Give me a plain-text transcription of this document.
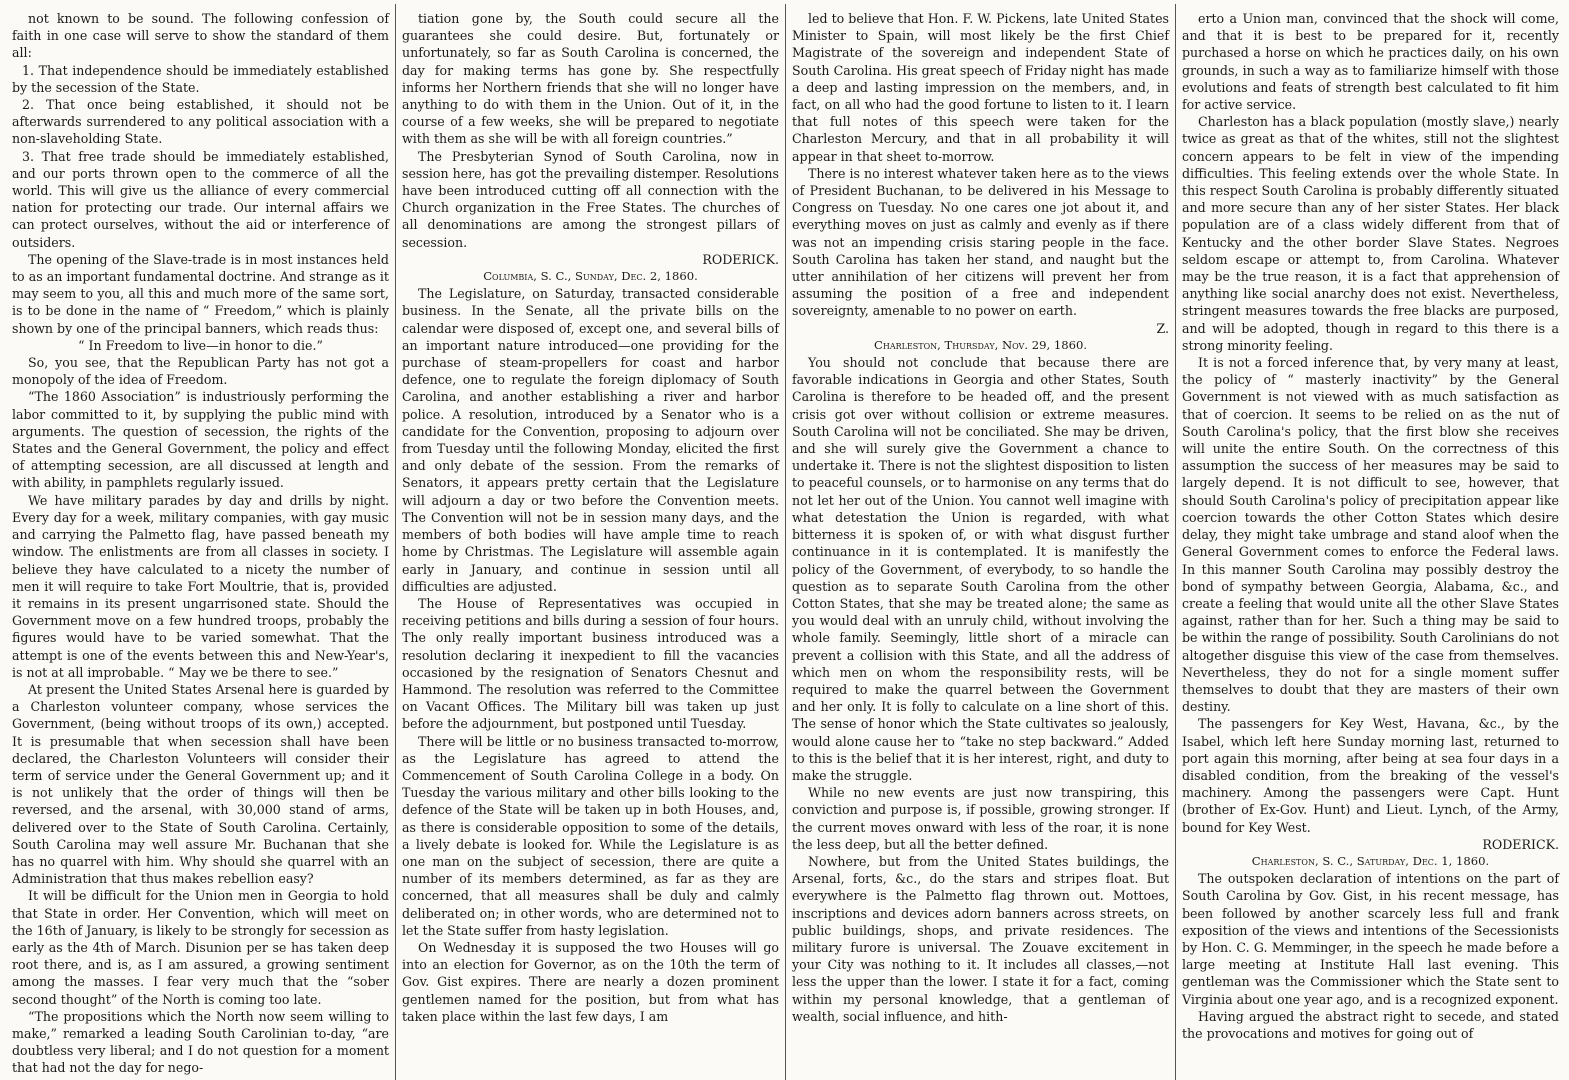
not known to be sound. The following confession of faith in one case will serve to show the standard of them all:

1. That independence should be immediately established by the secession of the State.

2. That once being established, it should not be afterwards surrendered to any political association with a non-slaveholding State.

3. That free trade should be immediately established, and our ports thrown open to the commerce of all the world. This will give us the alliance of every commercial nation for protecting our trade. Our internal affairs we can protect ourselves, without the aid or interference of outsiders.

The opening of the Slave-trade is in most instances held to as an important fundamental doctrine. And strange as it may seem to you, all this and much more of the same sort, is to be done in the name of “ Freedom,” which is plainly shown by one of the principal banners, which reads thus:

“ In Freedom to live—in honor to die.”

So, you see, that the Republican Party has not got a monopoly of the idea of Freedom.

“The 1860 Association” is industriously performing the labor committed to it, by supplying the public mind with arguments. The question of secession, the rights of the States and the General Government, the policy and effect of attempting secession, are all discussed at length and with ability, in pamphlets regularly issued.

We have military parades by day and drills by night. Every day for a week, military companies, with gay music and carrying the Palmetto flag, have passed beneath my window. The enlistments are from all classes in society. I believe they have calculated to a nicety the number of men it will require to take Fort Moultrie, that is, provided it remains in its present ungarrisoned state. Should the Government move on a few hundred troops, probably the figures would have to be varied somewhat. That the attempt is one of the events between this and New-Year's, is not at all improbable. “ May we be there to see.”

At present the United States Arsenal here is guarded by a Charleston volunteer company, whose services the Government, (being without troops of its own,) accepted. It is presumable that when secession shall have been declared, the Charleston Volunteers will consider their term of service under the General Government up; and it is not unlikely that the order of things will then be reversed, and the arsenal, with 30,000 stand of arms, delivered over to the State of South Carolina. Certainly, South Carolina may well assure Mr. Buchanan that she has no quarrel with him. Why should she quarrel with an Administration that thus makes rebellion easy?

It will be difficult for the Union men in Georgia to hold that State in order. Her Convention, which will meet on the 16th of January, is likely to be strongly for secession as early as the 4th of March. Disunion per se has taken deep root there, and is, as I am assured, a growing sentiment among the masses. I fear very much that the “sober second thought” of the North is coming too late.

“The propositions which the North now seem willing to make,” remarked a leading South Carolinian to-day, “are doubtless very liberal; and I do not question for a moment that had not the day for nego-

tiation gone by, the South could secure all the guarantees she could desire. But, fortunately or unfortunately, so far as South Carolina is concerned, the day for making terms has gone by. She respectfully informs her Northern friends that she will no longer have anything to do with them in the Union. Out of it, in the course of a few weeks, she will be prepared to negotiate with them as she will be with all foreign countries.”

The Presbyterian Synod of South Carolina, now in session here, has got the prevailing distemper. Resolutions have been introduced cutting off all connection with the Church organization in the Free States. The churches of all denominations are among the strongest pillars of secession.

RODERICK.

Columbia, S. C., Sunday, Dec. 2, 1860.

The Legislature, on Saturday, transacted considerable business. In the Senate, all the private bills on the calendar were disposed of, except one, and several bills of an important nature introduced—one providing for the purchase of steam-propellers for coast and harbor defence, one to regulate the foreign diplomacy of South Carolina, and another establishing a river and harbor police. A resolution, introduced by a Senator who is a candidate for the Convention, proposing to adjourn over from Tuesday until the following Monday, elicited the first and only debate of the session. From the remarks of Senators, it appears pretty certain that the Legislature will adjourn a day or two before the Convention meets. The Convention will not be in session many days, and the members of both bodies will have ample time to reach home by Christmas. The Legislature will assemble again early in January, and continue in session until all difficulties are adjusted.

The House of Representatives was occupied in receiving petitions and bills during a session of four hours. The only really important business introduced was a resolution declaring it inexpedient to fill the vacancies occasioned by the resignation of Senators Chesnut and Hammond. The resolution was referred to the Committee on Vacant Offices. The Military bill was taken up just before the adjournment, but postponed until Tuesday.

There will be little or no business transacted to-morrow, as the Legislature has agreed to attend the Commencement of South Carolina College in a body. On Tuesday the various military and other bills looking to the defence of the State will be taken up in both Houses, and, as there is considerable opposition to some of the details, a lively debate is looked for. While the Legislature is as one man on the subject of secession, there are quite a number of its members determined, as far as they are concerned, that all measures shall be duly and calmly deliberated on; in other words, who are determined not to let the State suffer from hasty legislation.

On Wednesday it is supposed the two Houses will go into an election for Governor, as on the 10th the term of Gov. Gist expires. There are nearly a dozen prominent gentlemen named for the position, but from what has taken place within the last few days, I am

led to believe that Hon. F. W. Pickens, late United States Minister to Spain, will most likely be the first Chief Magistrate of the sovereign and independent State of South Carolina. His great speech of Friday night has made a deep and lasting impression on the members, and, in fact, on all who had the good fortune to listen to it. I learn that full notes of this speech were taken for the Charleston Mercury, and that in all probability it will appear in that sheet to-morrow.

There is no interest whatever taken here as to the views of President Buchanan, to be delivered in his Message to Congress on Tuesday. No one cares one jot about it, and everything moves on just as calmly and evenly as if there was not an impending crisis staring people in the face. South Carolina has taken her stand, and naught but the utter annihilation of her citizens will prevent her from assuming the position of a free and independent sovereignty, amenable to no power on earth.

Z.

Charleston, Thursday, Nov. 29, 1860.

You should not conclude that because there are favorable indications in Georgia and other States, South Carolina is therefore to be headed off, and the present crisis got over without collision or extreme measures. South Carolina will not be conciliated. She may be driven, and she will surely give the Government a chance to undertake it. There is not the slightest disposition to listen to peaceful counsels, or to harmonise on any terms that do not let her out of the Union. You cannot well imagine with what detestation the Union is regarded, with what bitterness it is spoken of, or with what disgust further continuance in it is contemplated. It is manifestly the policy of the Government, of everybody, to so handle the question as to separate South Carolina from the other Cotton States, that she may be treated alone; the same as you would deal with an unruly child, without involving the whole family. Seemingly, little short of a miracle can prevent a collision with this State, and all the address of which men on whom the responsibility rests, will be required to make the quarrel between the Government and her only. It is folly to calculate on a line short of this. The sense of honor which the State cultivates so jealously, would alone cause her to “take no step backward.” Added to this is the belief that it is her interest, right, and duty to make the struggle.

While no new events are just now transpiring, this conviction and purpose is, if possible, growing stronger. If the current moves onward with less of the roar, it is none the less deep, but all the better defined.

Nowhere, but from the United States buildings, the Arsenal, forts, &c., do the stars and stripes float. But everywhere is the Palmetto flag thrown out. Mottoes, inscriptions and devices adorn banners across streets, on public buildings, shops, and private residences. The military furore is universal. The Zouave excitement in your City was nothing to it. It includes all classes,—not less the upper than the lower. I state it for a fact, coming within my personal knowledge, that a gentleman of wealth, social influence, and hith-

erto a Union man, convinced that the shock will come, and that it is best to be prepared for it, recently purchased a horse on which he practices daily, on his own grounds, in such a way as to familiarize himself with those evolutions and feats of strength best calculated to fit him for active service.

Charleston has a black population (mostly slave,) nearly twice as great as that of the whites, still not the slightest concern appears to be felt in view of the impending difficulties. This feeling extends over the whole State. In this respect South Carolina is probably differently situated and more secure than any of her sister States. Her black population are of a class widely different from that of Kentucky and the other border Slave States. Negroes seldom escape or attempt to, from Carolina. Whatever may be the true reason, it is a fact that apprehension of anything like social anarchy does not exist. Nevertheless, stringent measures towards the free blacks are purposed, and will be adopted, though in regard to this there is a strong minority feeling.

It is not a forced inference that, by very many at least, the policy of “ masterly inactivity” by the General Government is not viewed with as much satisfaction as that of coercion. It seems to be relied on as the nut of South Carolina's policy, that the first blow she receives will unite the entire South. On the correctness of this assumption the success of her measures may be said to largely depend. It is not difficult to see, however, that should South Carolina's policy of precipitation appear like coercion towards the other Cotton States which desire delay, they might take umbrage and stand aloof when the General Government comes to enforce the Federal laws. In this manner South Carolina may possibly destroy the bond of sympathy between Georgia, Alabama, &c., and create a feeling that would unite all the other Slave States against, rather than for her. Such a thing may be said to be within the range of possibility. South Carolinians do not altogether disguise this view of the case from themselves. Nevertheless, they do not for a single moment suffer themselves to doubt that they are masters of their own destiny.

The passengers for Key West, Havana, &c., by the Isabel, which left here Sunday morning last, returned to port again this morning, after being at sea four days in a disabled condition, from the breaking of the vessel's machinery. Among the passengers were Capt. Hunt (brother of Ex-Gov. Hunt) and Lieut. Lynch, of the Army, bound for Key West.

RODERICK.

Charleston, S. C., Saturday, Dec. 1, 1860.

The outspoken declaration of intentions on the part of South Carolina by Gov. Gist, in his recent message, has been followed by another scarcely less full and frank exposition of the views and intentions of the Secessionists by Hon. C. G. Memminger, in the speech he made before a large meeting at Institute Hall last evening. This gentleman was the Commissioner which the State sent to Virginia about one year ago, and is a recognized exponent.

Having argued the abstract right to secede, and stated the provocations and motives for going out of
